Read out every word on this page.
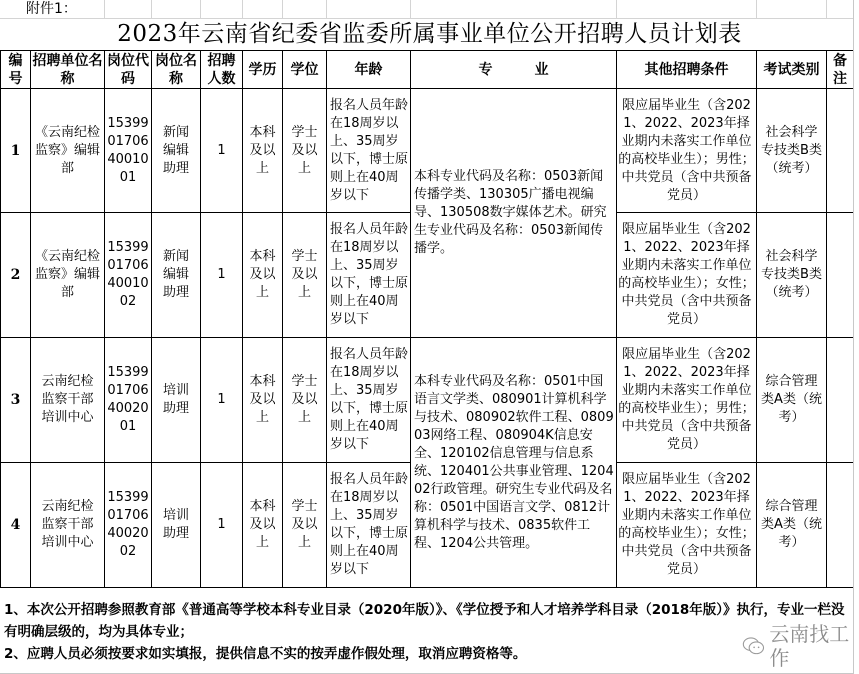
附件1：
2023年云南省纪委省监委所属事业单位公开招聘人员计划表
编号	招聘单位名称	岗位代码	岗位名称	招聘人数	学历	学位	年龄	专　　　业	其他招聘条件	考试类别	备注
1	《云南纪检监察》编辑部	15399017064001001	新闻编辑助理	1	本科及以上	学士及以上	报名人员年龄在18周岁以上、35周岁以下，博士原则上在40周岁以下	本科专业代码及名称：0503新闻传播学类、130305广播电视编导、130508数字媒体艺术。研究生专业代码及名称：0503新闻传播学。	限应届毕业生（含2021、2022、2023年择业期内未落实工作单位的高校毕业生）；男性；中共党员（含中共预备党员）	社会科学专技类B类（统考）	
2	《云南纪检监察》编辑部	15399017064001002	新闻编辑助理	1	本科及以上	学士及以上	报名人员年龄在18周岁以上、35周岁以下，博士原则上在40周岁以下		限应届毕业生（含2021、2022、2023年择业期内未落实工作单位的高校毕业生）；女性；中共党员（含中共预备党员）	社会科学专技类B类（统考）	
3	云南纪检监察干部培训中心	15399017064002001	培训助理	1	本科及以上	学士及以上	报名人员年龄在18周岁以上、35周岁以下，博士原则上在40周岁以下	本科专业代码及名称：0501中国语言文学类、080901计算机科学与技术、080902软件工程、080903网络工程、080904K信息安全、120102信息管理与信息系统、120401公共事业管理、120402行政管理。研究生专业代码及名称：0501中国语言文学、0812计算机科学与技术、0835软件工程、1204公共管理。	限应届毕业生（含2021、2022、2023年择业期内未落实工作单位的高校毕业生）；男性；中共党员（含中共预备党员）	综合管理类A类（统考）	
4	云南纪检监察干部培训中心	15399017064002002	培训助理	1	本科及以上	学士及以上	报名人员年龄在18周岁以上、35周岁以下，博士原则上在40周岁以下		限应届毕业生（含2021、2022、2023年择业期内未落实工作单位的高校毕业生）；女性；中共党员（含中共预备党员）	综合管理类A类（统考）	

1、本次公开招聘参照教育部《普通高等学校本科专业目录（2020年版）》、《学位授予和人才培养学科目录（2018年版）》执行，专业一栏没有明确层级的，均为具体专业；

2、应聘人员必须按要求如实填报，提供信息不实的按弄虚作假处理，取消应聘资格等。

云南找工作
